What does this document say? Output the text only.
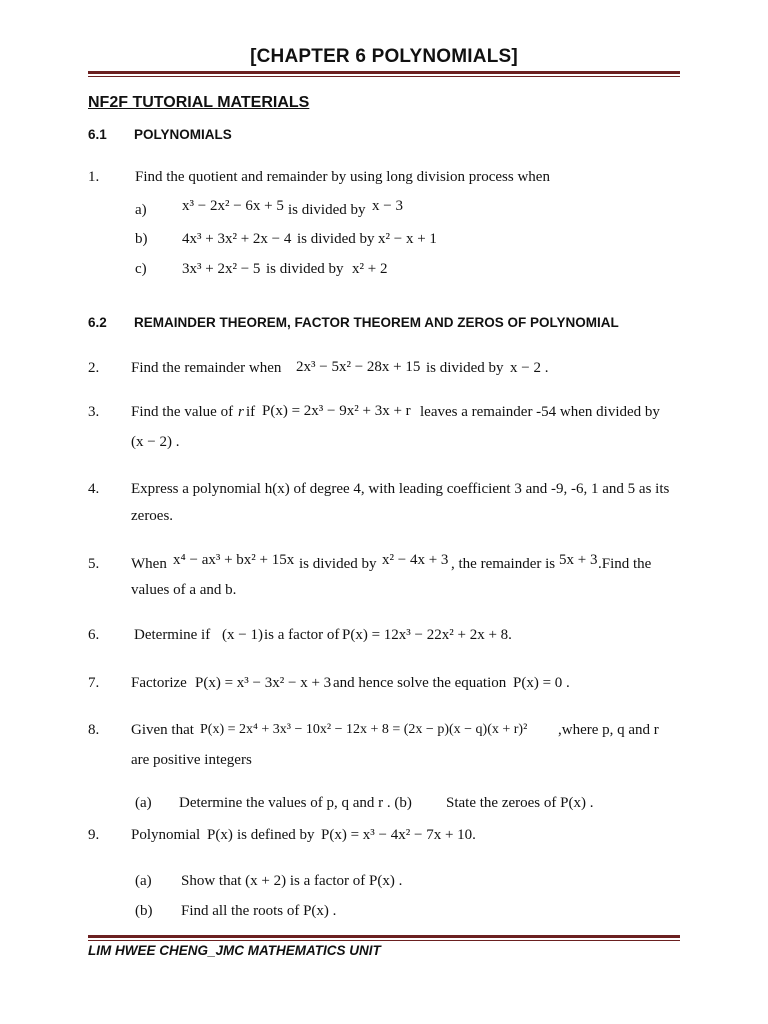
[CHAPTER 6 POLYNOMIALS]
NF2F TUTORIAL MATERIALS
6.1 POLYNOMIALS
1. Find the quotient and remainder by using long division process when
a) x³ − 2x² − 6x + 5 is divided by x − 3
b) 4x³ + 3x² + 2x − 4 is divided by x² − x + 1
c) 3x³ + 2x² − 5 is divided by x² + 2
6.2 REMAINDER THEOREM, FACTOR THEOREM AND ZEROS OF POLYNOMIAL
2. Find the remainder when 2x³ − 5x² − 28x + 15 is divided by x − 2 .
3. Find the value of r if P(x) = 2x³ − 9x² + 3x + r leaves a remainder -54 when divided by
(x − 2) .
4. Express a polynomial h(x) of degree 4, with leading coefficient 3 and -9, -6, 1 and 5 as its
zeroes.
5. When x⁴ − ax³ + bx² + 15x is divided by x² − 4x + 3 , the remainder is 5x + 3 .Find the
values of a and b.
6. Determine if (x − 1) is a factor of P(x) = 12x³ − 22x² + 2x + 8.
7. Factorize P(x) = x³ − 3x² − x + 3 and hence solve the equation P(x) = 0 .
8. Given that P(x) = 2x⁴ + 3x³ − 10x² − 12x + 8 = (2x − p)(x − q)(x + r)² ,where p, q and r
are positive integers
(a) Determine the values of p, q and r . (b) State the zeroes of P(x) .
9. Polynomial P(x) is defined by P(x) = x³ − 4x² − 7x + 10.
(a) Show that (x + 2) is a factor of P(x) .
(b) Find all the roots of P(x) .
LIM HWEE CHENG_JMC MATHEMATICS UNIT
